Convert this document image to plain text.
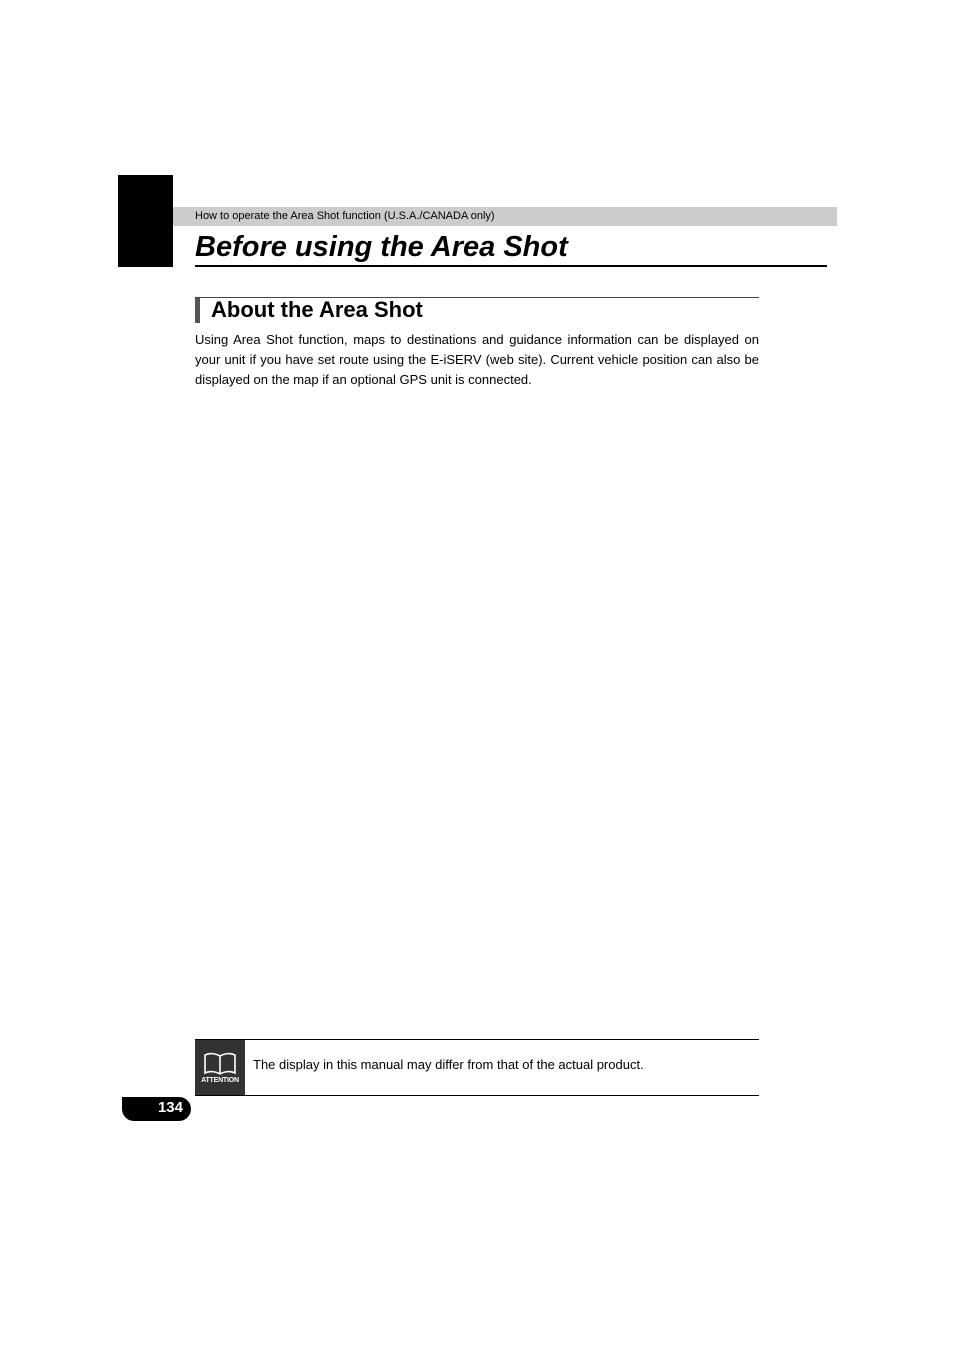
How to operate the Area Shot function (U.S.A./CANADA only)
Before using the Area Shot
About the Area Shot

Using Area Shot function, maps to destinations and guidance information can be displayed on your unit if you have set route using the E-iSERV (web site). Current vehicle position can also be displayed on the map if an optional GPS unit is connected.

ATTENTION
The display in this manual may differ from that of the actual product.
134
